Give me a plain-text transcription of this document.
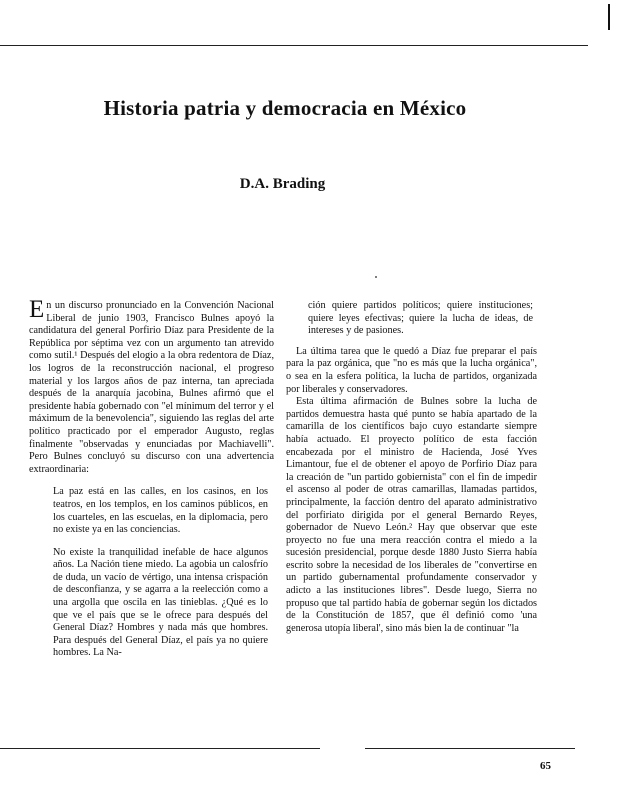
Historia patria y democracia en México
D.A. Brading

En un discurso pronunciado en la Convención Nacional Liberal de junio 1903, Francisco Bulnes apoyó la candidatura del general Porfirio Díaz para Presidente de la República por séptima vez con un argumento tan atrevido como sutil.¹ Después del elogio a la obra redentora de Díaz, los logros de la reconstrucción nacional, el progreso material y los largos años de paz interna, tan apreciada después de la anarquía jacobina, Bulnes afirmó que el presidente había gobernado con "el mínimum del terror y el máximum de la benevolencia", siguiendo las reglas del arte político practicado por el emperador Augusto, reglas finalmente "observadas y enunciadas por Machiavelli". Pero Bulnes concluyó su discurso con una advertencia extraordinaria:

La paz está en las calles, en los casinos, en los teatros, en los templos, en los caminos públicos, en los cuarteles, en las escuelas, en la diplomacia, pero no existe ya en las conciencias.

No existe la tranquilidad inefable de hace algunos años. La Nación tiene miedo. La agobia un calosfrío de duda, un vacío de vértigo, una intensa crispación de desconfianza, y se agarra a la reelección como a una argolla que oscila en las tinieblas. ¿Qué es lo que ve el país que se le ofrece para después del General Díaz? Hombres y nada más que hombres. Para después del General Díaz, el país ya no quiere hombres. La Na-

ción quiere partidos políticos; quiere instituciones; quiere leyes efectivas; quiere la lucha de ideas, de intereses y de pasiones.

La última tarea que le quedó a Díaz fue preparar el país para la paz orgánica, que "no es más que la lucha orgánica", o sea en la esfera política, la lucha de partidos, organizada por liberales y conservadores.

Esta última afirmación de Bulnes sobre la lucha de partidos demuestra hasta qué punto se había apartado de la camarilla de los científicos bajo cuyo estandarte siempre había actuado. El proyecto político de esta facción encabezada por el ministro de Hacienda, José Yves Limantour, fue el de obtener el apoyo de Porfirio Díaz para la creación de "un partido gobiernista" con el fin de impedir el ascenso al poder de otras camarillas, llamadas partidos, principalmente, la facción dentro del aparato administrativo del porfiriato dirigida por el general Bernardo Reyes, gobernador de Nuevo León.² Hay que observar que este proyecto no fue una mera reacción contra el miedo a la sucesión presidencial, porque desde 1880 Justo Sierra había escrito sobre la necesidad de los liberales de "convertirse en un partido gubernamental profundamente conservador y adicto a las instituciones libres". Desde luego, Sierra no propuso que tal partido había de gobernar según los dictados de la Constitución de 1857, que él definió como 'una generosa utopía liberal', sino más bien la de continuar "la

65
